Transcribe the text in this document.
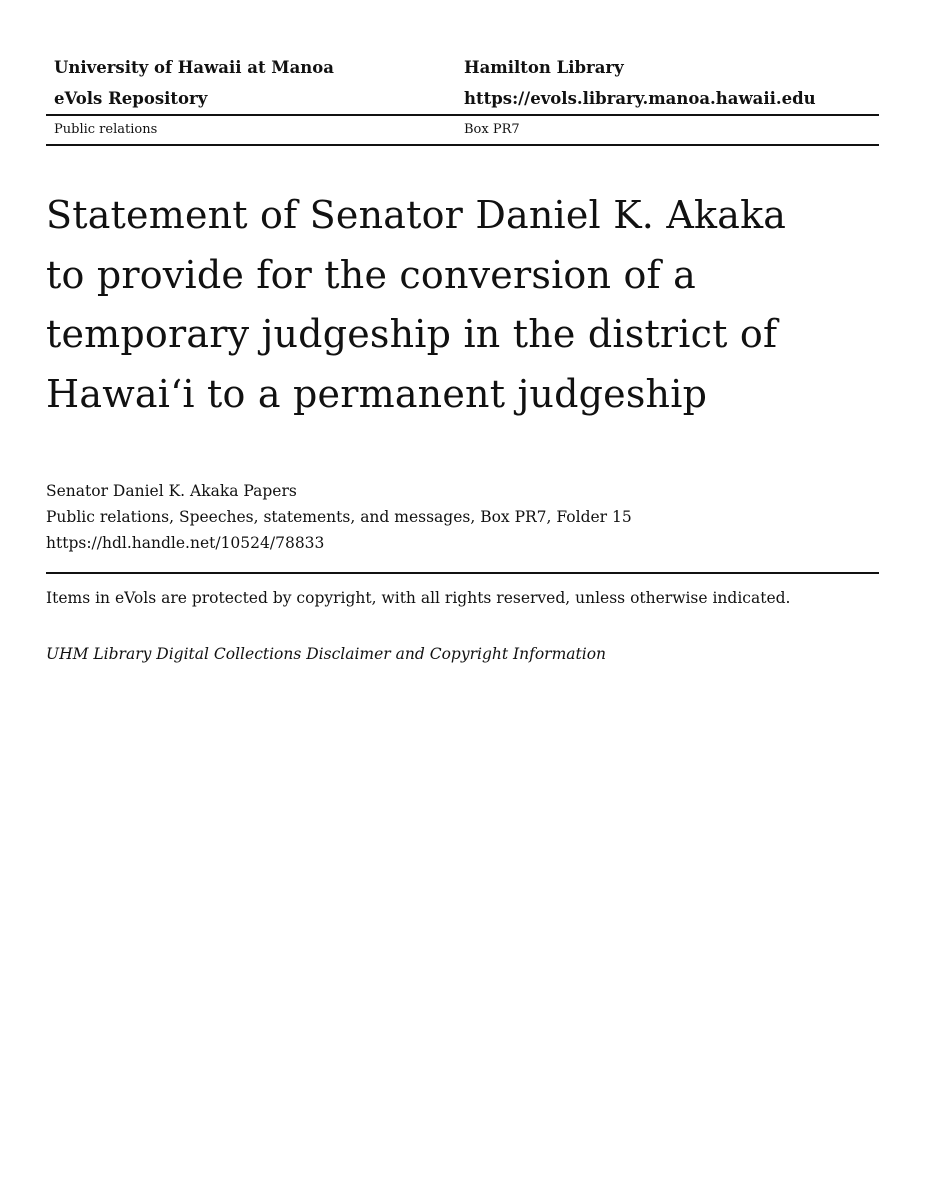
University of Hawaii at Manoa	Hamilton Library
eVols Repository	https://evols.library.manoa.hawaii.edu
Public relations	Box PR7
Statement of Senator Daniel K. Akaka
to provide for the conversion of a
temporary judgeship in the district of
Hawai‘i to a permanent judgeship
Senator Daniel K. Akaka Papers
Public relations, Speeches, statements, and messages, Box PR7, Folder 15
https://hdl.handle.net/10524/78833
Items in eVols are protected by copyright, with all rights reserved, unless otherwise indicated.
UHM Library Digital Collections Disclaimer and Copyright Information
